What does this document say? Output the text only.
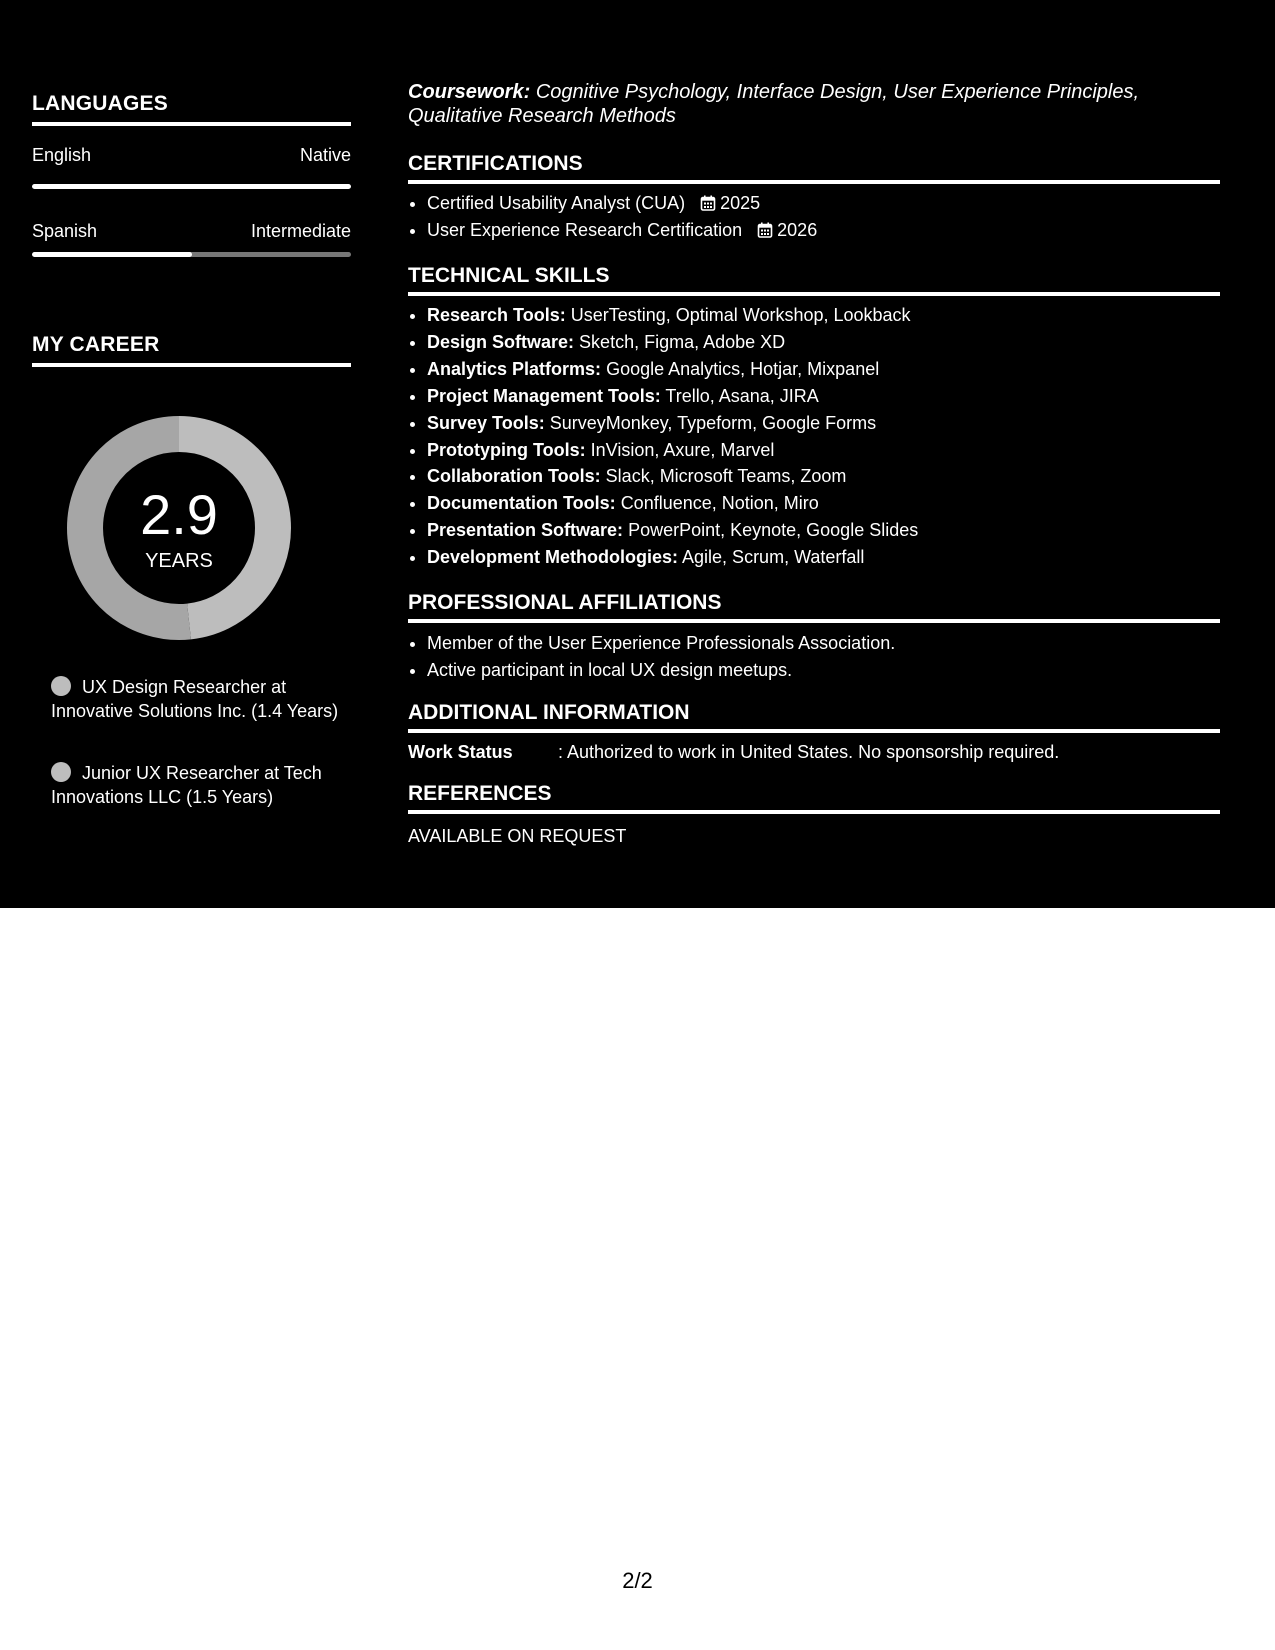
LANGUAGES
English	Native
Spanish	Intermediate
MY CAREER
2.9
YEARS
UX Design Researcher at Innovative Solutions Inc. (1.4 Years)
Junior UX Researcher at Tech Innovations LLC (1.5 Years)
Coursework: Cognitive Psychology, Interface Design, User Experience Principles, Qualitative Research Methods
CERTIFICATIONS
• Certified Usability Analyst (CUA) 2025
• User Experience Research Certification 2026
TECHNICAL SKILLS
• Research Tools: UserTesting, Optimal Workshop, Lookback
• Design Software: Sketch, Figma, Adobe XD
• Analytics Platforms: Google Analytics, Hotjar, Mixpanel
• Project Management Tools: Trello, Asana, JIRA
• Survey Tools: SurveyMonkey, Typeform, Google Forms
• Prototyping Tools: InVision, Axure, Marvel
• Collaboration Tools: Slack, Microsoft Teams, Zoom
• Documentation Tools: Confluence, Notion, Miro
• Presentation Software: PowerPoint, Keynote, Google Slides
• Development Methodologies: Agile, Scrum, Waterfall
PROFESSIONAL AFFILIATIONS
• Member of the User Experience Professionals Association.
• Active participant in local UX design meetups.
ADDITIONAL INFORMATION
Work Status	: Authorized to work in United States. No sponsorship required.
REFERENCES
AVAILABLE ON REQUEST
2/2
